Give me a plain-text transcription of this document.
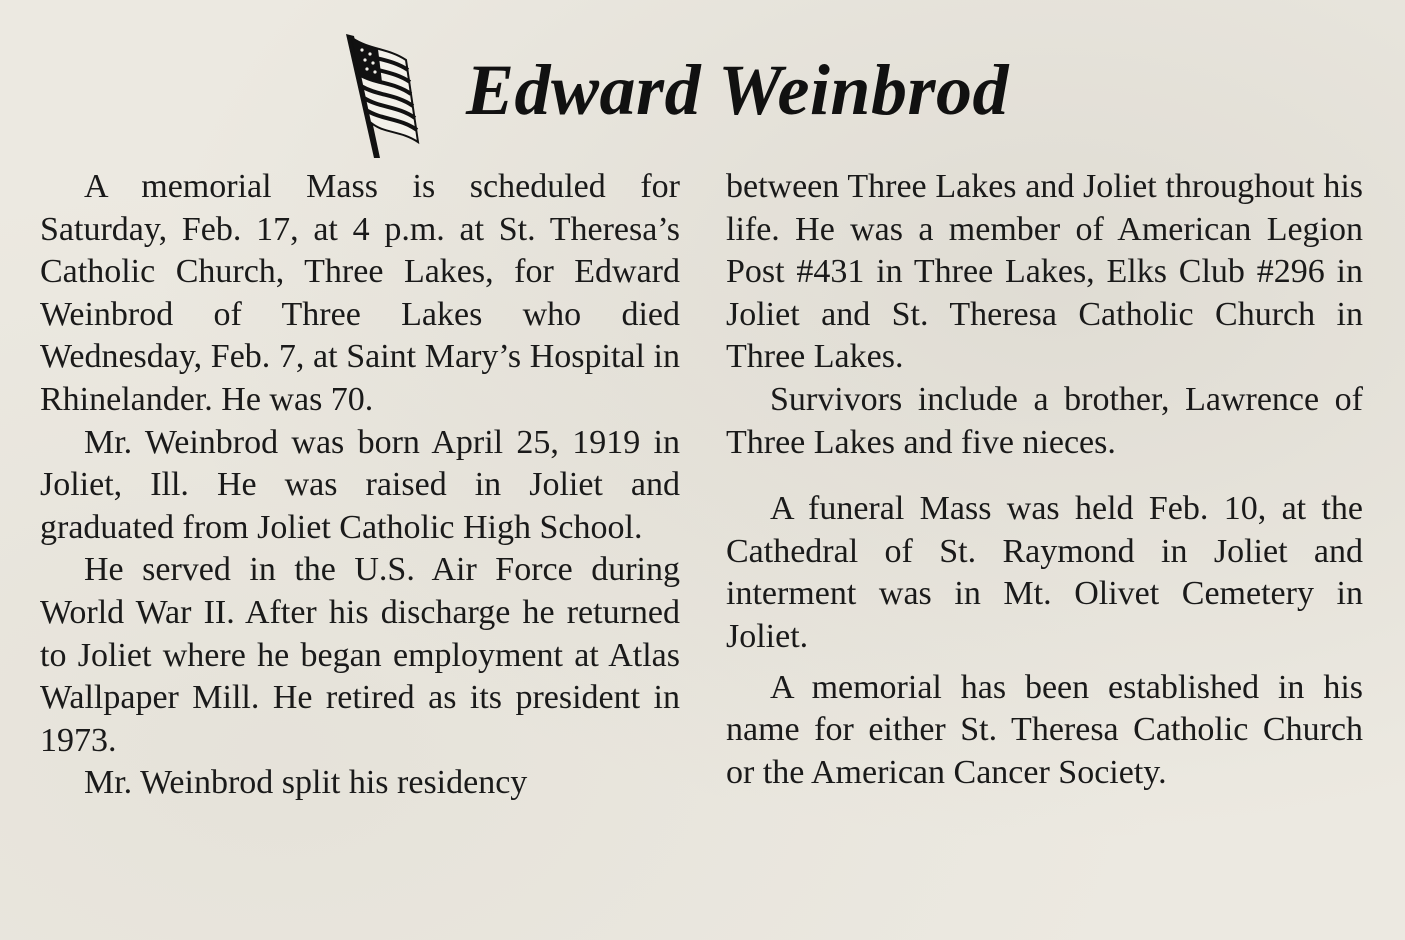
Edward Weinbrod

A memorial Mass is scheduled for Saturday, Feb. 17, at 4 p.m. at St. Theresa’s Catholic Church, Three Lakes, for Edward Weinbrod of Three Lakes who died Wednesday, Feb. 7, at Saint Mary’s Hospital in Rhinelander. He was 70.

Mr. Weinbrod was born April 25, 1919 in Joliet, Ill. He was raised in Joliet and graduated from Joliet Catholic High School.

He served in the U.S. Air Force during World War II. After his discharge he returned to Joliet where he began employment at Atlas Wallpaper Mill. He retired as its president in 1973.

Mr. Weinbrod split his residency

between Three Lakes and Joliet throughout his life. He was a member of American Legion Post #431 in Three Lakes, Elks Club #296 in Joliet and St. Theresa Catholic Church in Three Lakes.

Survivors include a brother, Lawrence of Three Lakes and five nieces.

A funeral Mass was held Feb. 10, at the Cathedral of St. Raymond in Joliet and interment was in Mt. Olivet Cemetery in Joliet.

A memorial has been established in his name for either St. Theresa Catholic Church or the American Cancer Society.
